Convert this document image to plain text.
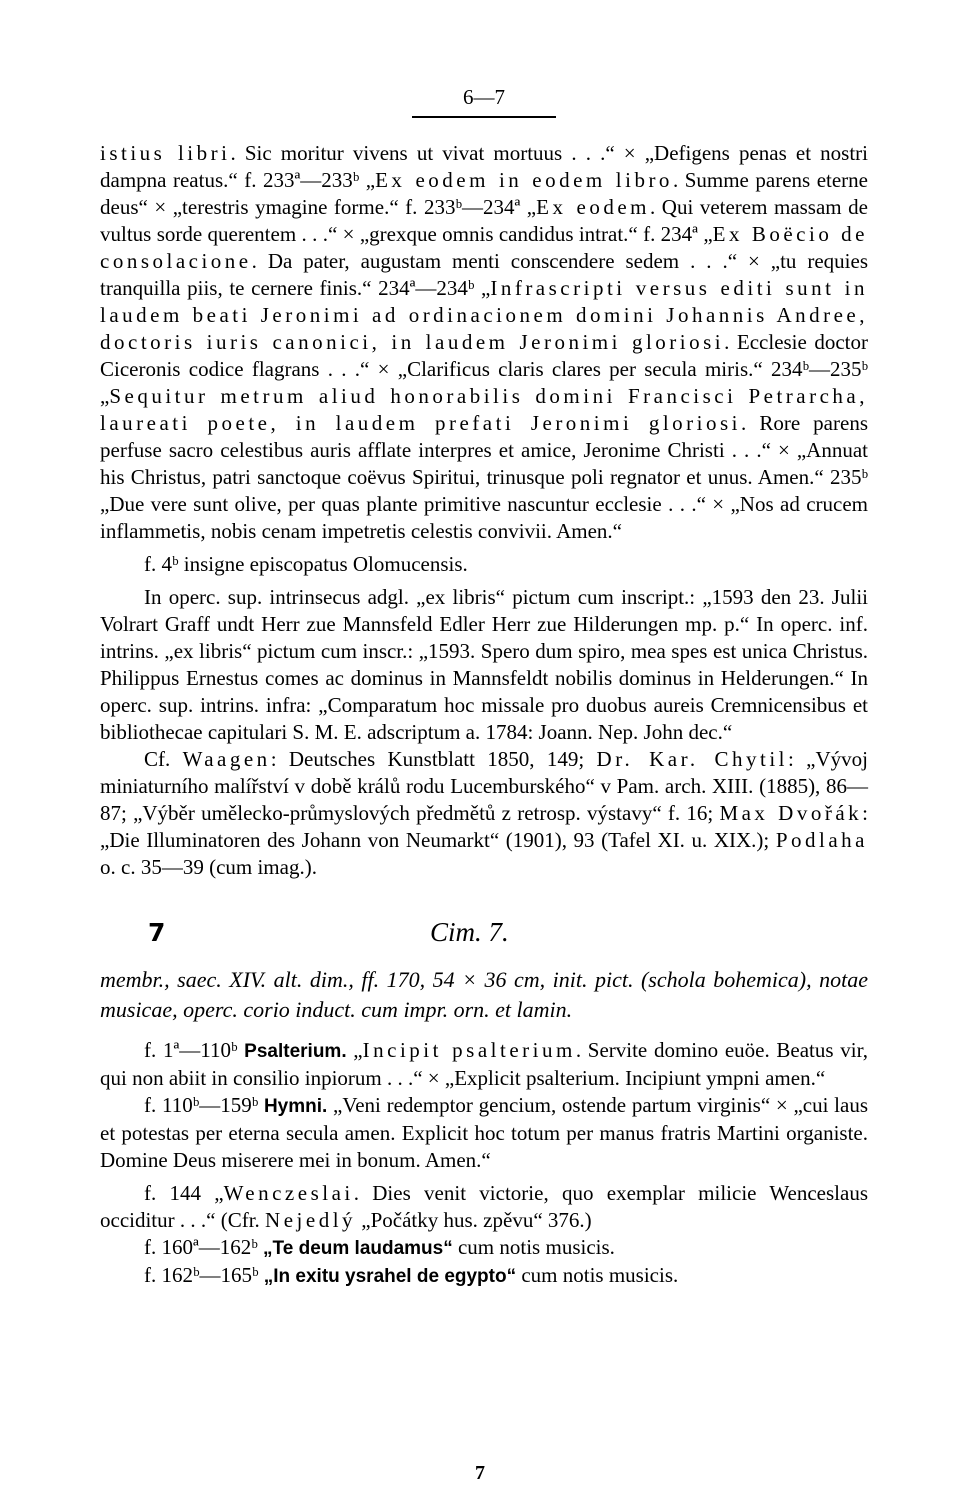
6—7

istius libri. Sic moritur vivens ut vivat mortuus . . .“ × „Defigens penas et nostri dampna reatus.“ f. 233ª—233ᵇ „Ex eodem in eodem libro. Summe parens eterne deus“ × „terestris ymagine forme.“ f. 233ᵇ—234ª „Ex eodem. Qui veterem massam de vultus sorde querentem . . .“ × „grexque omnis candidus intrat.“ f. 234ª „Ex Boëcio de consolacione. Da pater, augustam menti conscendere sedem . . .“ × „tu requies tranquilla piis, te cernere finis.“ 234ª—234ᵇ „Infrascripti versus editi sunt in laudem beati Jeronimi ad ordinacionem domini Johannis Andree, doctoris iuris canonici, in laudem Jeronimi gloriosi. Ecclesie doctor Ciceronis codice flagrans . . .“ × „Clarificus claris clares per secula miris.“ 234ᵇ—235ᵇ „Sequitur metrum aliud honorabilis domini Francisci Petrarcha, laureati poete, in laudem prefati Jeronimi gloriosi. Rore parens perfuse sacro celestibus auris afflate interpres et amice, Jeronime Christi . . .“ × „Annuat his Christus, patri sanctoque coëvus Spiritui, trinusque poli regnator et unus. Amen.“ 235ᵇ „Due vere sunt olive, per quas plante primitive nascuntur ecclesie . . .“ × „Nos ad crucem inflammetis, nobis cenam impetretis celestis convivii. Amen.“

f. 4ᵇ insigne episcopatus Olomucensis.

In operc. sup. intrinsecus adgl. „ex libris“ pictum cum inscript.: „1593 den 23. Julii Volrart Graff undt Herr zue Mannsfeld Edler Herr zue Hilderungen mp. p.“ In operc. inf. intrins. „ex libris“ pictum cum inscr.: „1593. Spero dum spiro, mea spes est unica Christus. Philippus Ernestus comes ac dominus in Mannsfeldt nobilis dominus in Helderungen.“ In operc. sup. intrins. infra: „Comparatum hoc missale pro duobus aureis Cremnicensibus et bibliothecae capitulari S. M. E. adscriptum a. 1784: Joann. Nep. John dec.“

Cf. Waagen: Deutsches Kunstblatt 1850, 149; Dr. Kar. Chytil: „Vývoj miniaturního malířství v době králů rodu Lucemburského“ v Pam. arch. XIII. (1885), 86—87; „Výběr umělecko-průmyslových předmětů z retrosp. výstavy“ f. 16; Max Dvořák: „Die Illuminatoren des Johann von Neumarkt“ (1901), 93 (Tafel XI. u. XIX.); Podlaha o. c. 35—39 (cum imag.).

7	Cim. 7.

membr., saec. XIV. alt. dim., ff. 170, 54 × 36 cm, init. pict. (schola bohemica), notae musicae, operc. corio induct. cum impr. orn. et lamin.

f. 1ª—110ᵇ Psalterium. „Incipit psalterium. Servite domino euöe. Beatus vir, qui non abiit in consilio inpiorum . . .“ × „Explicit psalterium. Incipiunt ympni amen.“

f. 110ᵇ—159ᵇ Hymni. „Veni redemptor gencium, ostende partum virginis“ × „cui laus et potestas per eterna secula amen. Explicit hoc totum per manus fratris Martini organiste. Domine Deus miserere mei in bonum. Amen.“

f. 144 „Wenczeslai. Dies venit victorie, quo exemplar milicie Wenceslaus occiditur . . .“ (Cfr. Nejedlý „Počátky hus. zpěvu“ 376.)

f. 160ª—162ᵇ „Te deum laudamus“ cum notis musicis.

f. 162ᵇ—165ᵇ „In exitu ysrahel de egypto“ cum notis musicis.

7
